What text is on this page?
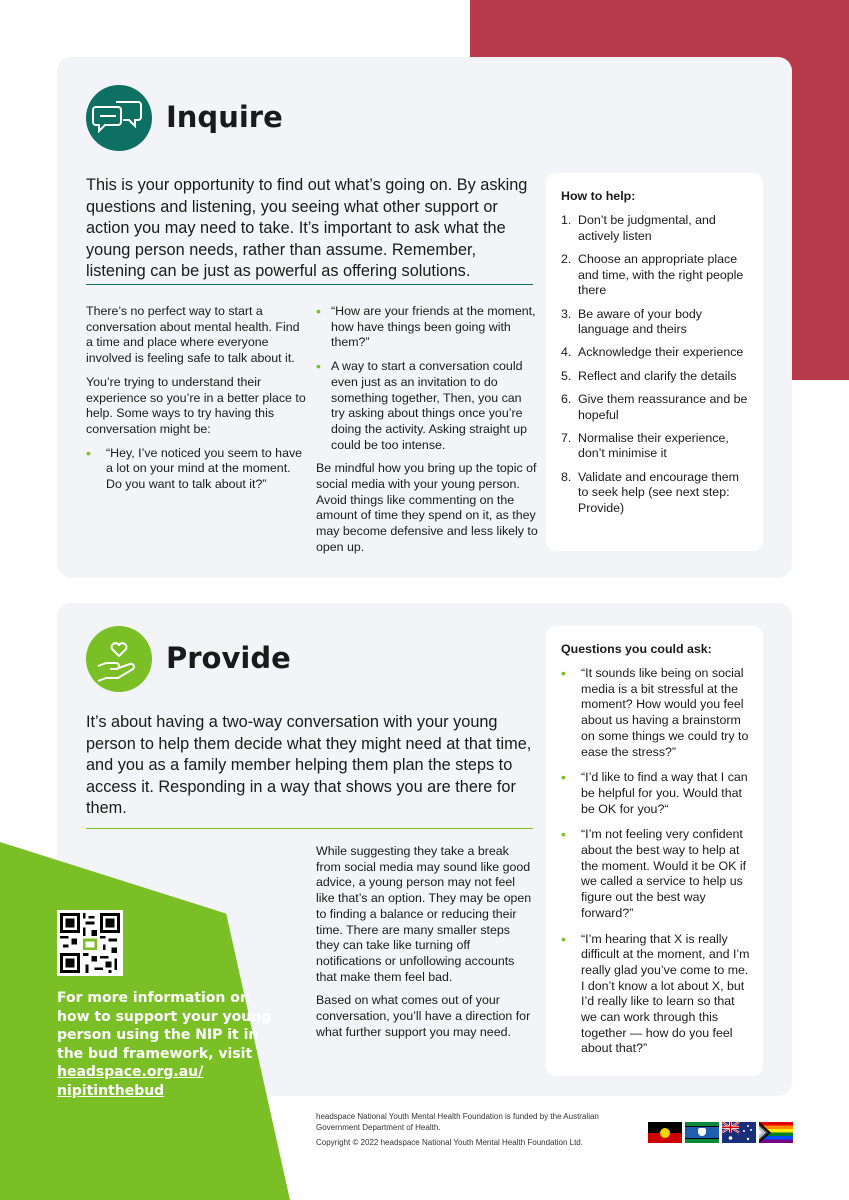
Inquire
This is your opportunity to find out what’s going on. By asking questions and listening, you seeing what other support or action you may need to take. It’s important to ask what the young person needs, rather than assume. Remember, listening can be just as powerful as offering solutions.

There’s no perfect way to start a conversation about mental health. Find a time and place where everyone involved is feeling safe to talk about it.

You’re trying to understand their experience so you’re in a better place to help. Some ways to try having this conversation might be:

• “Hey, I’ve noticed you seem to have a lot on your mind at the moment. Do you want to talk about it?”
• “How are your friends at the moment, how have things been going with them?”
• A way to start a conversation could even just as an invitation to do something together, Then, you can try asking about things once you’re doing the activity. Asking straight up could be too intense.

Be mindful how you bring up the topic of social media with your young person. Avoid things like commenting on the amount of time they spend on it, as they may become defensive and less likely to open up.

How to help:
1. Don’t be judgmental, and actively listen
2. Choose an appropriate place and time, with the right people there
3. Be aware of your body language and theirs
4. Acknowledge their experience
5. Reflect and clarify the details
6. Give them reassurance and be hopeful
7. Normalise their experience, don’t minimise it
8. Validate and encourage them to seek help (see next step: Provide)
Provide
It’s about having a two-way conversation with your young person to help them decide what they might need at that time, and you as a family member helping them plan the steps to access it. Responding in a way that shows you are there for them.

While suggesting they take a break from social media may sound like good advice, a young person may not feel like that’s an option. They may be open to finding a balance or reducing their time. There are many smaller steps they can take like turning off notifications or unfollowing accounts that make them feel bad.

Based on what comes out of your conversation, you’ll have a direction for what further support you may need.

Questions you could ask:
• “It sounds like being on social media is a bit stressful at the moment? How would you feel about us having a brainstorm on some things we could try to ease the stress?”
• “I’d like to find a way that I can be helpful for you. Would that be OK for you?“
• “I’m not feeling very confident about the best way to help at the moment. Would it be OK if we called a service to help us figure out the best way forward?”
• “I’m hearing that X is really difficult at the moment, and I’m really glad you’ve come to me. I don’t know a lot about X, but I’d really like to learn so that we can work through this together — how do you feel about that?”
For more information on how to support your young person using the NIP it in the bud framework, visit headspace.org.au/ nipitinthebud
headspace National Youth Mental Health Foundation is funded by the Australian Government Department of Health.
Copyright © 2022 headspace National Youth Mental Health Foundation Ltd.
